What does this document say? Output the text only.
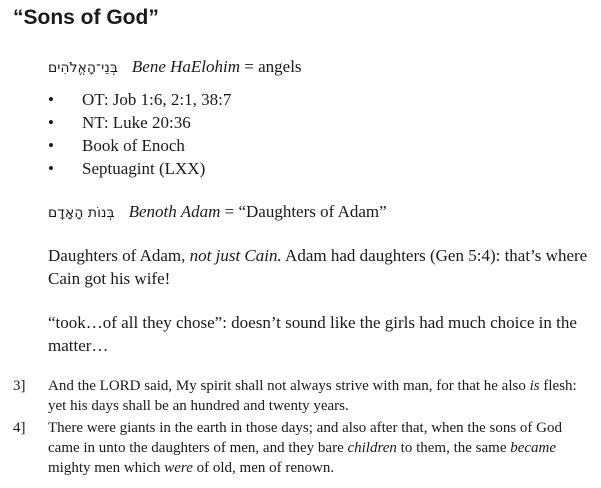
“Sons of God”
בְּנֵי־הָאֱלֹהִים Bene HaElohim = angels
• OT: Job 1:6, 2:1, 38:7
• NT: Luke 20:36
• Book of Enoch
• Septuagint (LXX)
בְּנוֹת הָאָדָם Benoth Adam = “Daughters of Adam”
Daughters of Adam, not just Cain. Adam had daughters (Gen 5:4): that’s where Cain got his wife!
“took…of all they chose”: doesn’t sound like the girls had much choice in the matter…
3] And the LORD said, My spirit shall not always strive with man, for that he also is flesh: yet his days shall be an hundred and twenty years.
4] There were giants in the earth in those days; and also after that, when the sons of God came in unto the daughters of men, and they bare children to them, the same became mighty men which were of old, men of renown.
